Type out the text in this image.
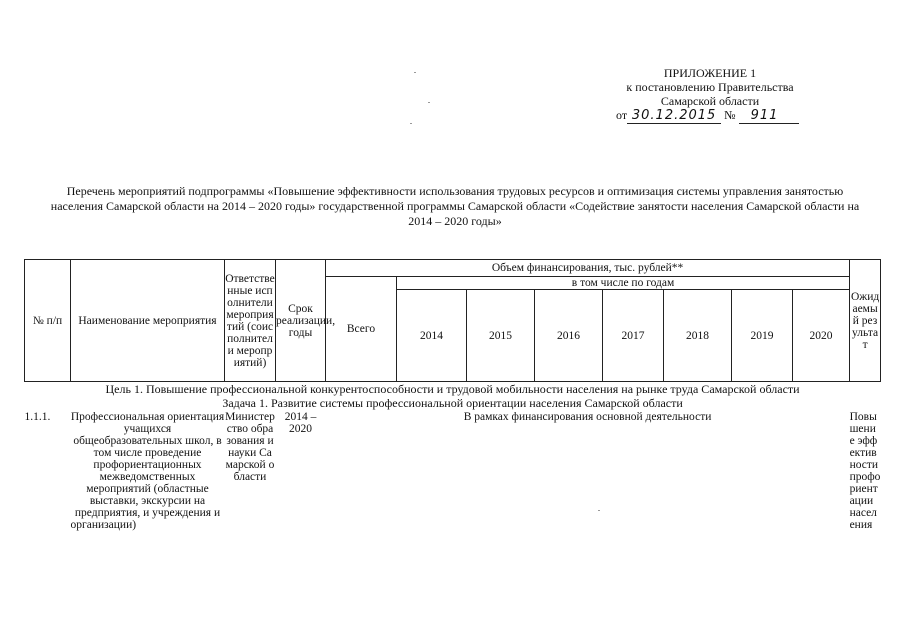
ПРИЛОЖЕНИЕ 1
к постановлению Правительства
Самарской области
от 30.12.2015 № 911
Перечень мероприятий подпрограммы «Повышение эффективности использования трудовых ресурсов и оптимизация системы управления занятостью населения Самарской области на 2014 – 2020 годы» государственной программы Самарской области «Содействие занятости населения Самарской области на 2014 – 2020 годы»
№ п/п	Наименование мероприятия	Ответственные исполнители мероприятий (соисполнители мероприятий)	Срок реализации, годы	Объем финансирования, тыс. рублей**								Ожидаемый результат
				Всего	в том числе по годам							
					2014	2015	2016	2017	2018	2019	2020	
Цель 1. Повышение профессиональной конкурентоспособности и трудовой мобильности населения на рынке труда Самарской области												
Задача 1. Развитие системы профессиональной ориентации населения Самарской области												
1.1.1.	Профессиональная ориентация учащихся общеобразовательных школ, в том числе проведение профориентационных межведомственных мероприятий (областные выставки, экскурсии на предприятия, и учреждения и организации)	Министерство образования и науки Самарской области	2014 – 2020	В рамках финансирования основной деятельности								Повышение эффективности профориентации населения
